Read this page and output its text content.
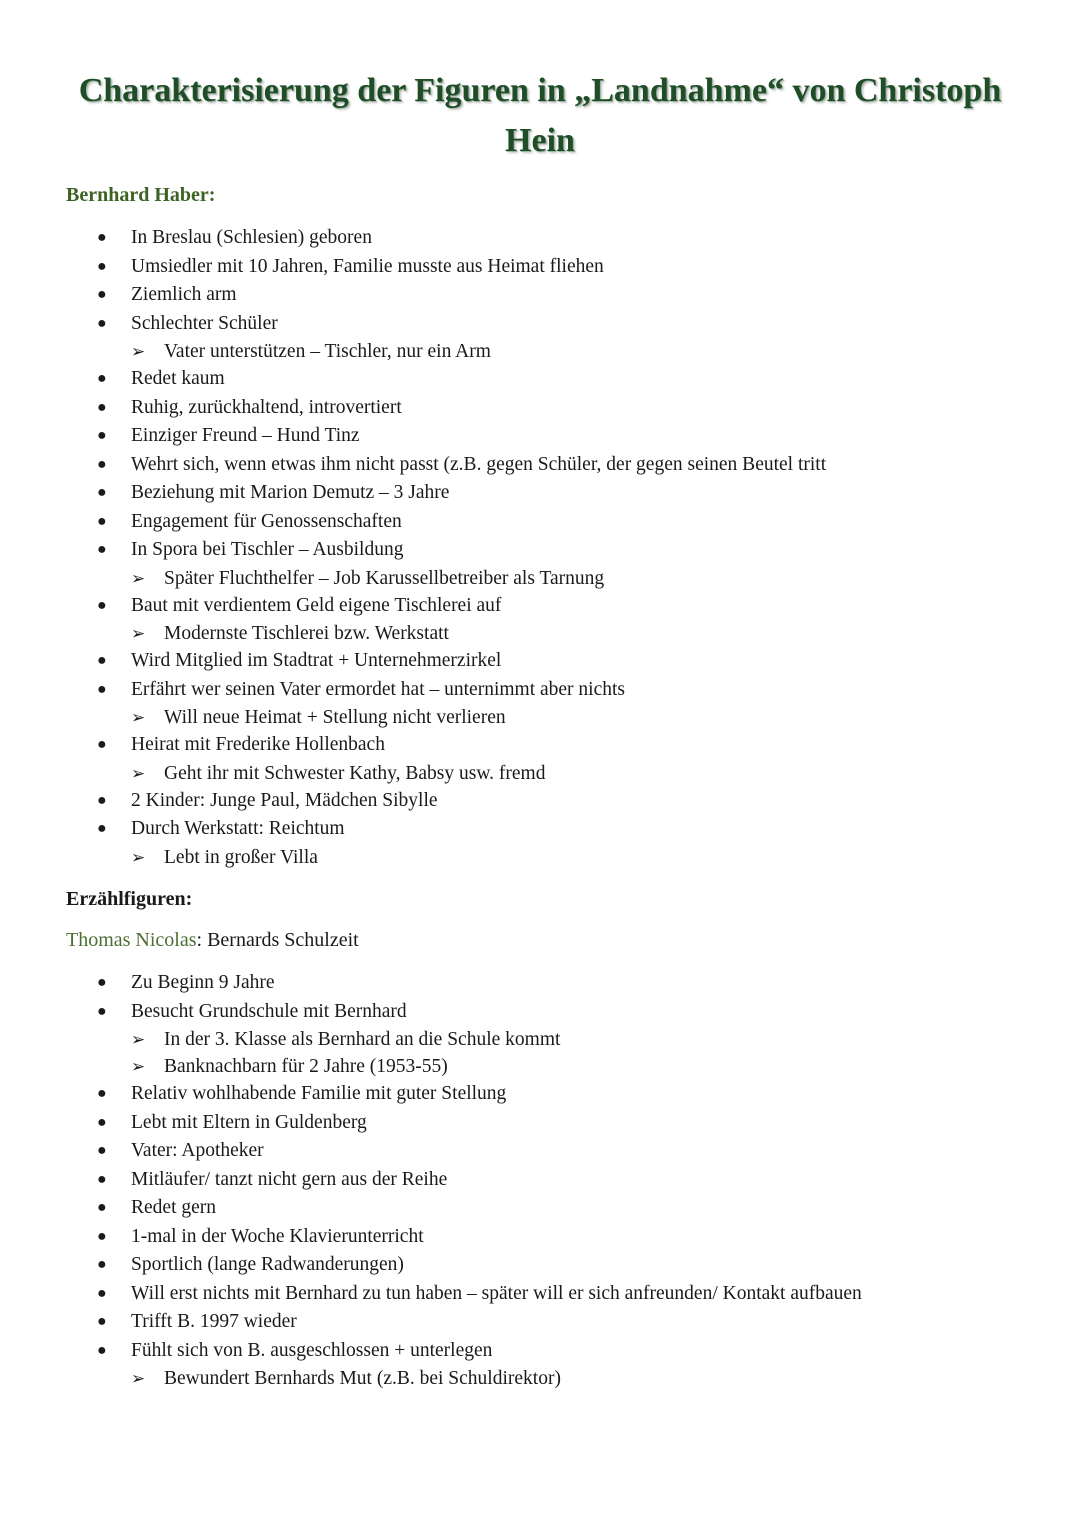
Charakterisierung der Figuren in „Landnahme“ von Christoph Hein
Bernhard Haber:
● In Breslau (Schlesien) geboren
● Umsiedler mit 10 Jahren, Familie musste aus Heimat fliehen
● Ziemlich arm
● Schlechter Schüler
➢ Vater unterstützen – Tischler, nur ein Arm
● Redet kaum
● Ruhig, zurückhaltend, introvertiert
● Einziger Freund – Hund Tinz
● Wehrt sich, wenn etwas ihm nicht passt (z.B. gegen Schüler, der gegen seinen Beutel tritt
● Beziehung mit Marion Demutz – 3 Jahre
● Engagement für Genossenschaften
● In Spora bei Tischler – Ausbildung
➢ Später Fluchthelfer – Job Karussellbetreiber als Tarnung
● Baut mit verdientem Geld eigene Tischlerei auf
➢ Modernste Tischlerei bzw. Werkstatt
● Wird Mitglied im Stadtrat + Unternehmerzirkel
● Erfährt wer seinen Vater ermordet hat – unternimmt aber nichts
➢ Will neue Heimat + Stellung nicht verlieren
● Heirat mit Frederike Hollenbach
➢ Geht ihr mit Schwester Kathy, Babsy usw. fremd
● 2 Kinder: Junge Paul, Mädchen Sibylle
● Durch Werkstatt: Reichtum
➢ Lebt in großer Villa
Erzählfiguren:

Thomas Nicolas: Bernards Schulzeit

● Zu Beginn 9 Jahre
● Besucht Grundschule mit Bernhard
➢ In der 3. Klasse als Bernhard an die Schule kommt
➢ Banknachbarn für 2 Jahre (1953-55)
● Relativ wohlhabende Familie mit guter Stellung
● Lebt mit Eltern in Guldenberg
● Vater: Apotheker
● Mitläufer/ tanzt nicht gern aus der Reihe
● Redet gern
● 1-mal in der Woche Klavierunterricht
● Sportlich (lange Radwanderungen)
● Will erst nichts mit Bernhard zu tun haben – später will er sich anfreunden/ Kontakt aufbauen
● Trifft B. 1997 wieder
● Fühlt sich von B. ausgeschlossen + unterlegen
➢ Bewundert Bernhards Mut (z.B. bei Schuldirektor)
